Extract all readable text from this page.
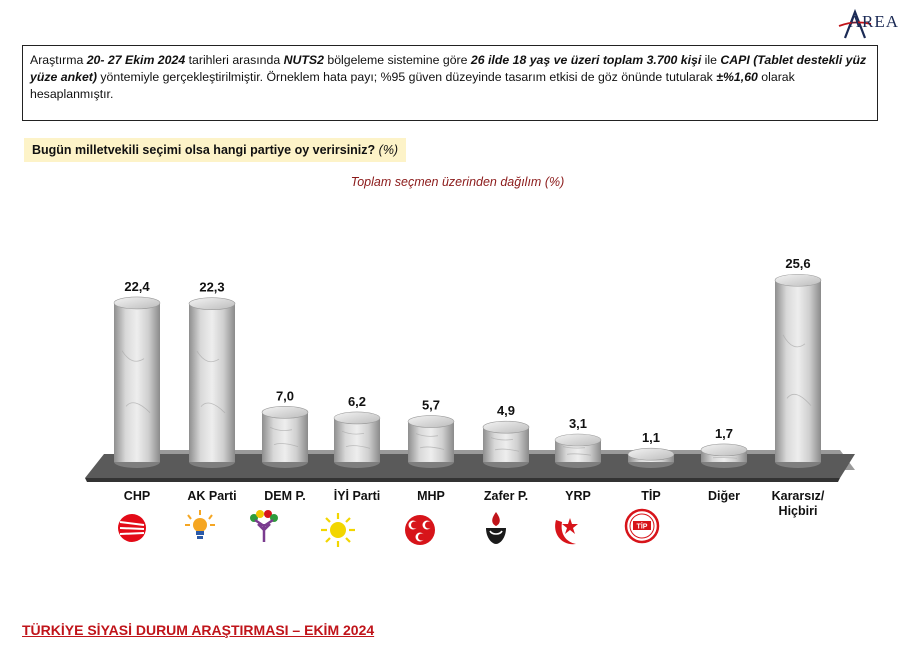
AREA
Araştırma 20- 27 Ekim 2024 tarihleri arasında NUTS2 bölgeleme sistemine göre 26 ilde 18 yaş ve üzeri toplam 3.700 kişi ile CAPI (Tablet destekli yüz yüze anket) yöntemiyle gerçekleştirilmiştir. Örneklem hata payı; %95 güven düzeyinde tasarım etkisi de göz önünde tutularak ±%1,60 olarak hesaplanmıştır.
Bugün milletvekili seçimi olsa hangi partiye oy verirsiniz? (%)
Toplam seçmen üzerinden dağılım (%)
22,4
CHP
22,3
AK Parti
7,0
DEM P.
6,2
İYİ Parti
5,7
MHP
4,9
Zafer P.
3,1
YRP
1,1
TİP
1,7
Diğer
25,6
Kararsız/
Hiçbiri
TİP
TÜRKİYE SİYASİ DURUM ARAŞTIRMASI – EKİM 2024
